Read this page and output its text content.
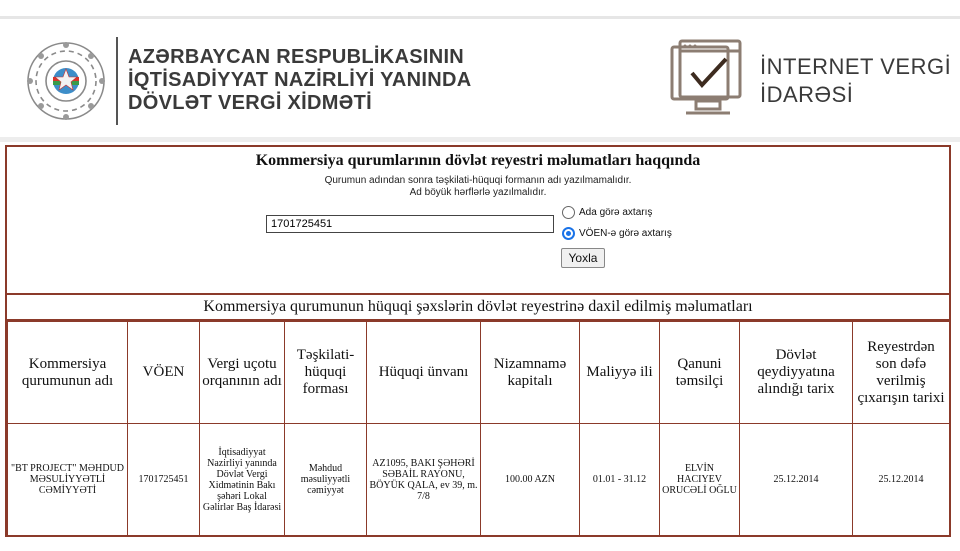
AZƏRBAYCAN RESPUBLİKASININ
İQTİSADİYYAT NAZİRLİYİ YANINDA
DÖVLƏT VERGİ XİDMƏTİ
İNTERNET VERGİ
İDARƏSİ
Kommersiya qurumlarının dövlət reyestri məlumatları haqqında
Qurumun adından sonra təşkilati-hüquqi formanın adı yazılmamalıdır.
Ad böyük hərflərlə yazılmalıdır.
1701725451
Ada görə axtarış
VÖEN-ə görə axtarış
Yoxla
Kommersiya qurumunun hüquqi şəxslərin dövlət reyestrinə daxil edilmiş məlumatları
Kommersiya qurumunun adı	VÖEN	Vergi uçotu orqanının adı	Təşkilati-hüquqi forması	Hüquqi ünvanı	Nizamnamə kapitalı	Maliyyə ili	Qanuni təmsilçi	Dövlət qeydiyyatına alındığı tarix	Reyestrdən son dəfə verilmiş çıxarışın tarixi
"BT PROJECT" MƏHDUD MƏSULİYYƏTLİ CƏMİYYƏTİ	1701725451	İqtisadiyyat Nazirliyi yanında Dövlət Vergi Xidmətinin Bakı şəhəri Lokal Gəlirlər Baş İdarəsi	Məhdud məsuliyyətli cəmiyyət	AZ1095, BAKI ŞƏHƏRİ SƏBAİL RAYONU, BÖYÜK QALA, ev 39, m. 7/8	100.00 AZN	01.01 - 31.12	ELVİN HACIYEV ORUCƏLİ OĞLU	25.12.2014	25.12.2014
